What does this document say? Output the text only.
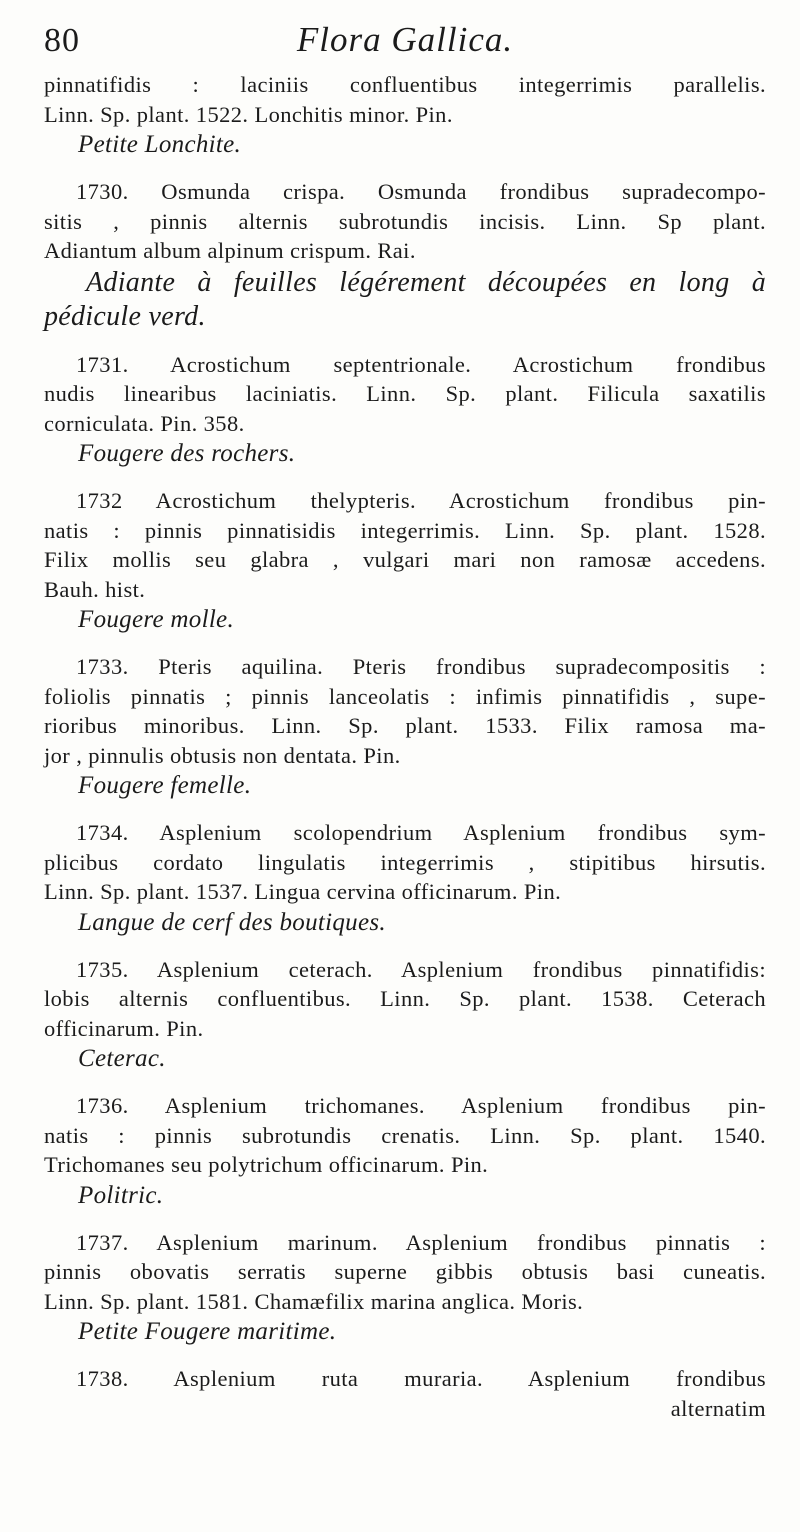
80	Flora Gallica.
pinnatifidis : laciniis confluentibus integerrimis parallelis.
Linn. Sp. plant. 1522. Lonchitis minor. Pin.
Petite Lonchite.
1730. Osmunda crispa. Osmunda frondibus supradecompo-
sitis , pinnis alternis subrotundis incisis. Linn. Sp plant.
Adiantum album alpinum crispum. Rai.
Adiante à feuilles légérement découpées en long à
pédicule verd.
1731. Acrostichum septentrionale. Acrostichum frondibus
nudis linearibus laciniatis. Linn. Sp. plant. Filicula saxatilis
corniculata. Pin. 358.
Fougere des rochers.
1732 Acrostichum thelypteris. Acrostichum frondibus pin-
natis : pinnis pinnatisidis integerrimis. Linn. Sp. plant. 1528.
Filix mollis seu glabra , vulgari mari non ramosæ accedens.
Bauh. hist.
Fougere molle.
1733. Pteris aquilina. Pteris frondibus supradecompositis :
foliolis pinnatis ; pinnis lanceolatis : infimis pinnatifidis , supe-
rioribus minoribus. Linn. Sp. plant. 1533. Filix ramosa ma-
jor , pinnulis obtusis non dentata. Pin.
Fougere femelle.
1734. Asplenium scolopendrium Asplenium frondibus sym-
plicibus cordato lingulatis integerrimis , stipitibus hirsutis.
Linn. Sp. plant. 1537. Lingua cervina officinarum. Pin.
Langue de cerf des boutiques.
1735. Asplenium ceterach. Asplenium frondibus pinnatifidis:
lobis alternis confluentibus. Linn. Sp. plant. 1538. Ceterach
officinarum. Pin.
Ceterac.
1736. Asplenium trichomanes. Asplenium frondibus pin-
natis : pinnis subrotundis crenatis. Linn. Sp. plant. 1540.
Trichomanes seu polytrichum officinarum. Pin.
Politric.
1737. Asplenium marinum. Asplenium frondibus pinnatis :
pinnis obovatis serratis superne gibbis obtusis basi cuneatis.
Linn. Sp. plant. 1581. Chamæfilix marina anglica. Moris.
Petite Fougere maritime.
1738. Asplenium ruta muraria. Asplenium frondibus
alternatim
